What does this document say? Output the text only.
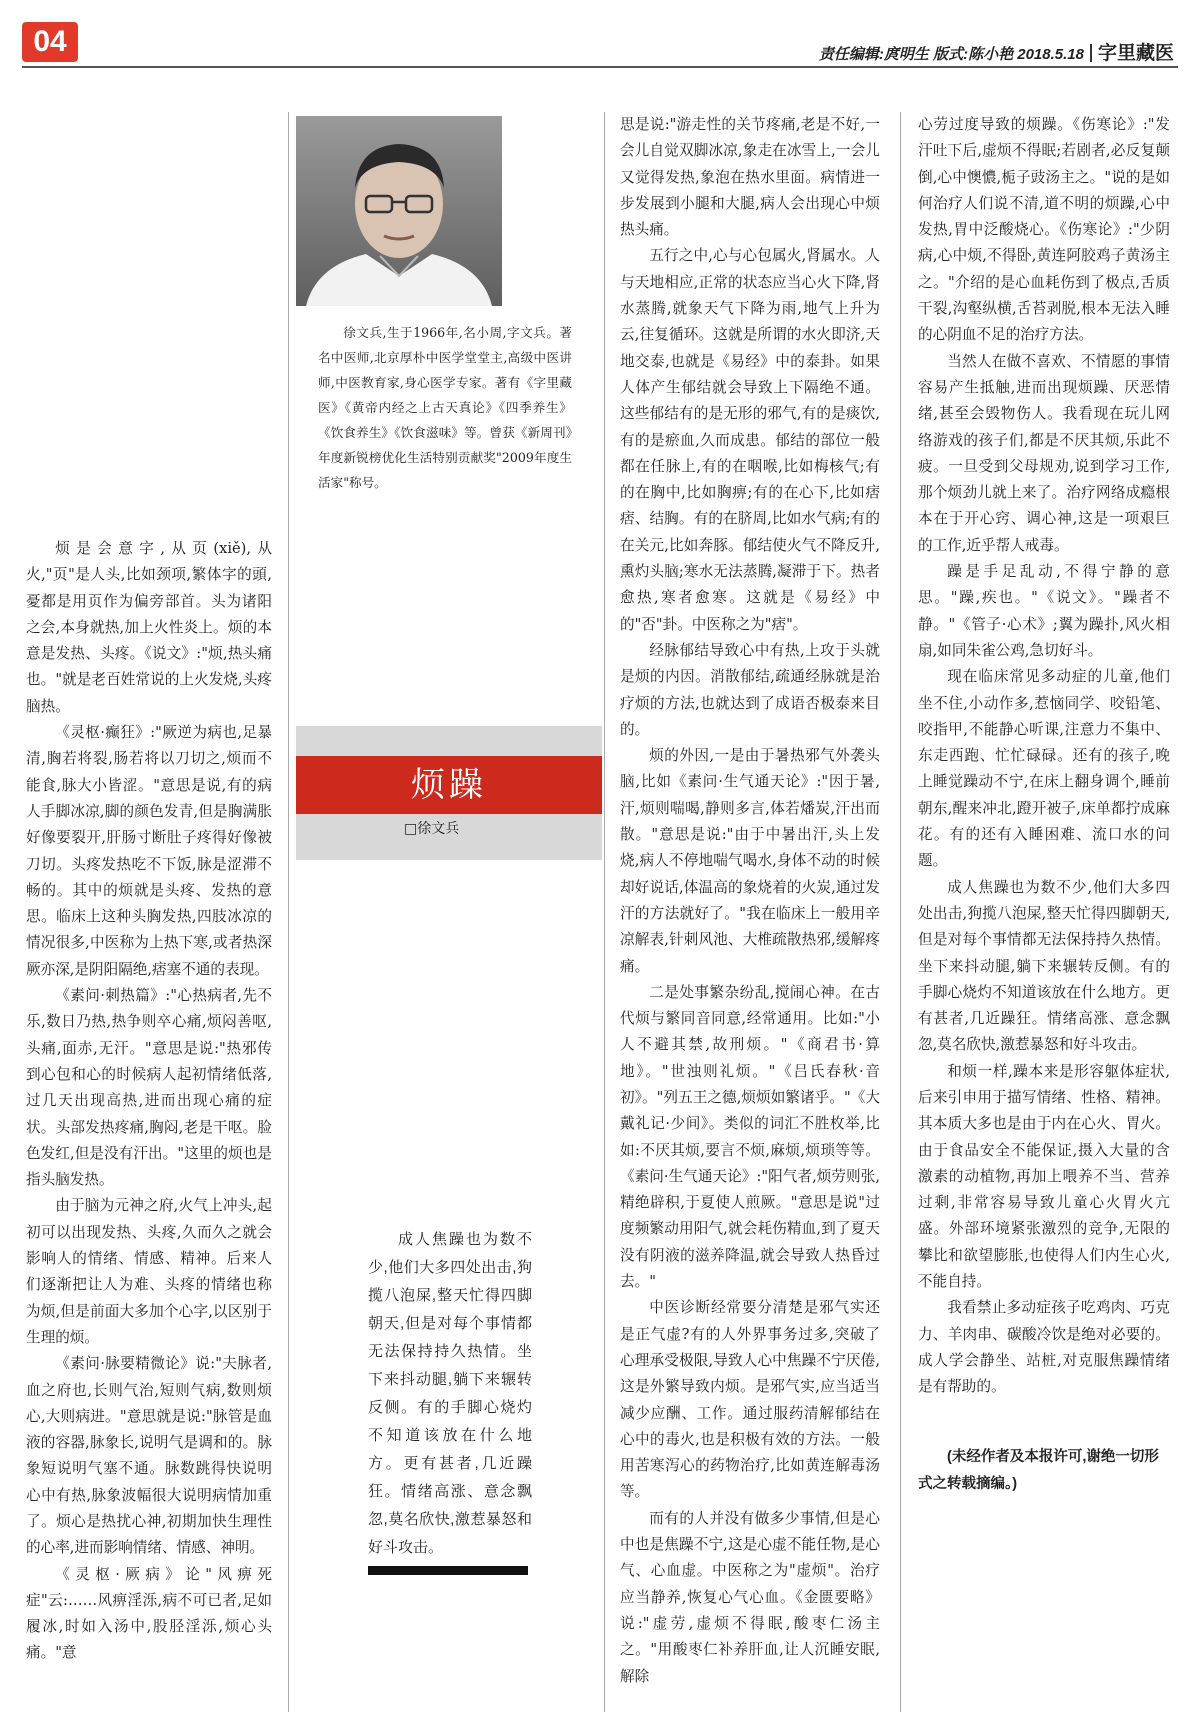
04	责任编辑:庹明生 版式:陈小艳 2018.5.18 字里藏医

烦是会意字,从页(xiě),从火,"页"是人头,比如颈项,繁体字的頭,憂都是用页作为偏旁部首。头为诸阳之会,本身就热,加上火性炎上。烦的本意是发热、头疼。《说文》:"烦,热头痛也。"就是老百姓常说的上火发烧,头疼脑热。

《灵枢·癫狂》:"厥逆为病也,足暴清,胸若将裂,肠若将以刀切之,烦而不能食,脉大小皆涩。"意思是说,有的病人手脚冰凉,脚的颜色发青,但是胸满胀好像要裂开,肝肠寸断肚子疼得好像被刀切。头疼发热吃不下饭,脉是涩滞不畅的。其中的烦就是头疼、发热的意思。临床上这种头胸发热,四肢冰凉的情况很多,中医称为上热下寒,或者热深厥亦深,是阴阳隔绝,痞塞不通的表现。

《素问·刺热篇》:"心热病者,先不乐,数日乃热,热争则卒心痛,烦闷善呕,头痛,面赤,无汗。"意思是说:"热邪传到心包和心的时候病人起初情绪低落,过几天出现高热,进而出现心痛的症状。头部发热疼痛,胸闷,老是干呕。脸色发红,但是没有汗出。"这里的烦也是指头脑发热。

由于脑为元神之府,火气上冲头,起初可以出现发热、头疼,久而久之就会影响人的情绪、情感、精神。后来人们逐渐把让人为难、头疼的情绪也称为烦,但是前面大多加个心字,以区别于生理的烦。

《素问·脉要精微论》说:"夫脉者,血之府也,长则气治,短则气病,数则烦心,大则病进。"意思就是说:"脉管是血液的容器,脉象长,说明气是调和的。脉象短说明气塞不通。脉数跳得快说明心中有热,脉象波幅很大说明病情加重了。烦心是热扰心神,初期加快生理性的心率,进而影响情绪、情感、神明。

《灵枢·厥病》论"风痹死症"云:……风痹淫泺,病不可已者,足如履冰,时如入汤中,股胫淫泺,烦心头痛。"意

徐文兵,生于1966年,名小周,字文兵。著名中医师,北京厚朴中医学堂堂主,高级中医讲师,中医教育家,身心医学专家。著有《字里藏医》《黄帝内经之上古天真论》《四季养生》《饮食养生》《饮食滋味》等。曾获《新周刊》年度新锐榜优化生活特别贡献奖"2009年度生活家"称号。

烦躁
□徐文兵

成人焦躁也为数不少,他们大多四处出击,狗揽八泡屎,整天忙得四脚朝天,但是对每个事情都无法保持持久热情。坐下来抖动腿,躺下来辗转反侧。有的手脚心烧灼不知道该放在什么地方。更有甚者,几近躁狂。情绪高涨、意念飘忽,莫名欣快,激惹暴怒和好斗攻击。

思是说:"游走性的关节疼痛,老是不好,一会儿自觉双脚冰凉,象走在冰雪上,一会儿又觉得发热,象泡在热水里面。病情进一步发展到小腿和大腿,病人会出现心中烦热头痛。

五行之中,心与心包属火,肾属水。人与天地相应,正常的状态应当心火下降,肾水蒸腾,就象天气下降为雨,地气上升为云,往复循环。这就是所谓的水火即济,天地交泰,也就是《易经》中的泰卦。如果人体产生郁结就会导致上下隔绝不通。这些郁结有的是无形的邪气,有的是痰饮,有的是瘀血,久而成患。郁结的部位一般都在任脉上,有的在咽喉,比如梅核气;有的在胸中,比如胸痹;有的在心下,比如痞痞、结胸。有的在脐周,比如水气病;有的在关元,比如奔豚。郁结使火气不降反升,熏灼头脑;寒水无法蒸腾,凝滞于下。热者愈热,寒者愈寒。这就是《易经》中的"否"卦。中医称之为"痞"。

经脉郁结导致心中有热,上攻于头就是烦的内因。消散郁结,疏通经脉就是治疗烦的方法,也就达到了成语否极泰来目的。

烦的外因,一是由于暑热邪气外袭头脑,比如《素问·生气通天论》:"因于暑,汗,烦则喘喝,静则多言,体若燔炭,汗出而散。"意思是说:"由于中暑出汗,头上发烧,病人不停地喘气喝水,身体不动的时候却好说话,体温高的象烧着的火炭,通过发汗的方法就好了。"我在临床上一般用辛凉解表,针刺风池、大椎疏散热邪,缓解疼痛。

二是处事繁杂纷乱,搅闹心神。在古代烦与繁同音同意,经常通用。比如:"小人不避其禁,故刑烦。"《商君书·算地》。"世浊则礼烦。"《吕氏春秋·音初》。"列五王之德,烦烦如繁诸乎。"《大戴礼记·少间》。类似的词汇不胜枚举,比如:不厌其烦,要言不烦,麻烦,烦琐等等。《素问·生气通天论》:"阳气者,烦劳则张,精绝辟积,于夏使人煎厥。"意思是说"过度频繁动用阳气,就会耗伤精血,到了夏天没有阴液的滋养降温,就会导致人热昏过去。"

中医诊断经常要分清楚是邪气实还是正气虚?有的人外界事务过多,突破了心理承受极限,导致人心中焦躁不宁厌倦,这是外繁导致内烦。是邪气实,应当适当减少应酬、工作。通过服药清解郁结在心中的毒火,也是积极有效的方法。一般用苦寒泻心的药物治疗,比如黄连解毒汤等。

而有的人并没有做多少事情,但是心中也是焦躁不宁,这是心虚不能任物,是心气、心血虚。中医称之为"虚烦"。治疗应当静养,恢复心气心血。《金匮要略》说:"虚劳,虚烦不得眠,酸枣仁汤主之。"用酸枣仁补养肝血,让人沉睡安眠,解除

心劳过度导致的烦躁。《伤寒论》:"发汗吐下后,虚烦不得眠;若剧者,必反复颠倒,心中懊憹,栀子豉汤主之。"说的是如何治疗人们说不清,道不明的烦躁,心中发热,胃中泛酸烧心。《伤寒论》:"少阴病,心中烦,不得卧,黄连阿胶鸡子黄汤主之。"介绍的是心血耗伤到了极点,舌质干裂,沟壑纵横,舌苔剥脱,根本无法入睡的心阴血不足的治疗方法。

当然人在做不喜欢、不情愿的事情容易产生抵触,进而出现烦躁、厌恶情绪,甚至会毁物伤人。我看现在玩儿网络游戏的孩子们,都是不厌其烦,乐此不疲。一旦受到父母规劝,说到学习工作,那个烦劲儿就上来了。治疗网络成瘾根本在于开心窍、调心神,这是一项艰巨的工作,近乎帮人戒毒。

躁是手足乱动,不得宁静的意思。"躁,疾也。"《说文》。"躁者不静。"《管子·心术》;翼为躁扑,风火相扇,如同朱雀公鸡,急切好斗。

现在临床常见多动症的儿童,他们坐不住,小动作多,惹恼同学、咬铅笔、咬指甲,不能静心听课,注意力不集中、东走西跑、忙忙碌碌。还有的孩子,晚上睡觉躁动不宁,在床上翻身调个,睡前朝东,醒来冲北,蹬开被子,床单都拧成麻花。有的还有入睡困难、流口水的问题。

成人焦躁也为数不少,他们大多四处出击,狗揽八泡屎,整天忙得四脚朝天,但是对每个事情都无法保持持久热情。坐下来抖动腿,躺下来辗转反侧。有的手脚心烧灼不知道该放在什么地方。更有甚者,几近躁狂。情绪高涨、意念飘忽,莫名欣快,激惹暴怒和好斗攻击。

和烦一样,躁本来是形容躯体症状,后来引申用于描写情绪、性格、精神。其本质大多也是由于内在心火、胃火。由于食品安全不能保证,摄入大量的含激素的动植物,再加上喂养不当、营养过剩,非常容易导致儿童心火胃火亢盛。外部环境紧张激烈的竞争,无限的攀比和欲望膨胀,也使得人们内生心火,不能自持。

我看禁止多动症孩子吃鸡肉、巧克力、羊肉串、碳酸冷饮是绝对必要的。成人学会静坐、站桩,对克服焦躁情绪是有帮助的。

(未经作者及本报许可,谢绝一切形式之转载摘编。)
